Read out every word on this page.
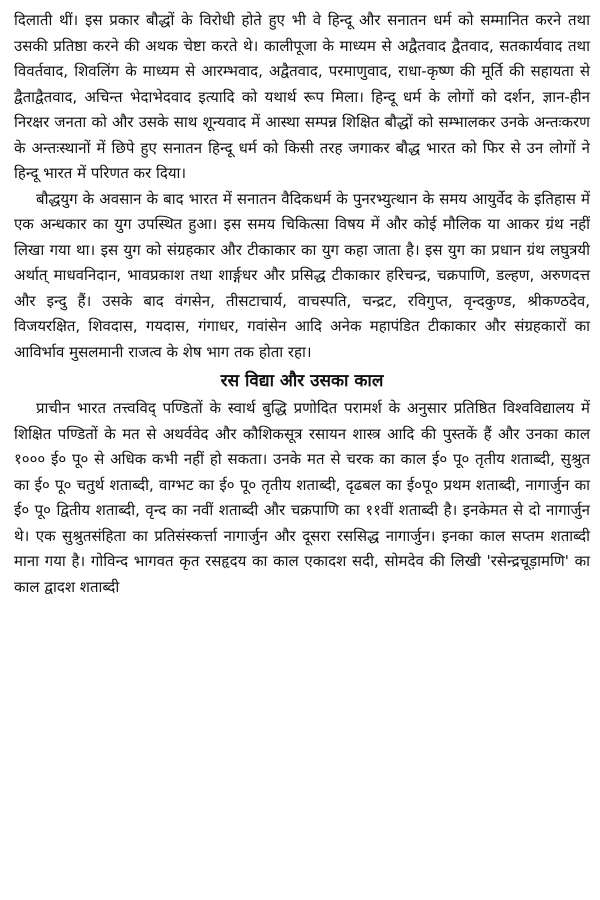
दिलाती थीं। इस प्रकार बौद्धों के विरोधी होते हुए भी वे हिन्दू और सनातन धर्म को सम्मानित करने तथा उसकी प्रतिष्ठा करने की अथक चेष्टा करते थे। कालीपूजा के माध्यम से अद्वैतवाद द्वैतवाद, सतकार्यवाद तथा विवर्तवाद, शिवलिंग के माध्यम से आरम्भवाद, अद्वैतवाद, परमाणुवाद, राधा-कृष्ण की मूर्ति की सहायता से द्वैताद्वैतवाद, अचिन्त भेदाभेदवाद इत्यादि को यथार्थ रूप मिला। हिन्दू धर्म के लोगों को दर्शन, ज्ञान-हीन निरक्षर जनता को और उसके साथ शून्यवाद में आस्था सम्पन्न शिक्षित बौद्धों को सम्भालकर उनके अन्तःकरण के अन्तःस्थानों में छिपे हुए सनातन हिन्दू धर्म को किसी तरह जगाकर बौद्ध भारत को फिर से उन लोगों ने हिन्दू भारत में परिणत कर दिया।

बौद्धयुग के अवसान के बाद भारत में सनातन वैदिकधर्म के पुनरभ्युत्थान के समय आयुर्वेद के इतिहास में एक अन्धकार का युग उपस्थित हुआ। इस समय चिकित्सा विषय में और कोई मौलिक या आकर ग्रंथ नहीं लिखा गया था। इस युग को संग्रहकार और टीकाकार का युग कहा जाता है। इस युग का प्रधान ग्रंथ लघुत्रयी अर्थात् माधवनिदान, भावप्रकाश तथा शार्ङ्गधर और प्रसिद्ध टीकाकार हरिचन्द्र, चक्रपाणि, डल्हण, अरुणदत्त और इन्दु हैं। उसके बाद वंगसेन, तीसटाचार्य, वाचस्पति, चन्द्रट, रविगुप्त, वृन्दकुण्ड, श्रीकण्ठदेव, विजयरक्षित, शिवदास, गयदास, गंगाधर, गवांसेन आदि अनेक महापंडित टीकाकार और संग्रहकारों का आविर्भाव मुसलमानी राजत्व के शेष भाग तक होता रहा।

रस विद्या और उसका काल

प्राचीन भारत तत्त्वविद् पण्डितों के स्वार्थ बुद्धि प्रणोदित परामर्श के अनुसार प्रतिष्ठित विश्वविद्यालय में शिक्षित पण्डितों के मत से अथर्ववेद और कौशिकसूत्र रसायन शास्त्र आदि की पुस्तकें हैं और उनका काल १००० ई० पू० से अधिक कभी नहीं हो सकता। उनके मत से चरक का काल ई० पू० तृतीय शताब्दी, सुश्रुत का ई० पू० चतुर्थ शताब्दी, वाग्भट का ई० पू० तृतीय शताब्दी, दृढबल का ई०पू० प्रथम शताब्दी, नागार्जुन का ई० पू० द्वितीय शताब्दी, वृन्द का नवीं शताब्दी और चक्रपाणि का ११वीं शताब्दी है। इनकेमत से दो नागार्जुन थे। एक सुश्रुतसंहिता का प्रतिसंस्कर्त्ता नागार्जुन और दूसरा रससिद्ध नागार्जुन। इनका काल सप्तम शताब्दी माना गया है। गोविन्द भागवत कृत रसहृदय का काल एकादश सदी, सोमदेव की लिखी 'रसेन्द्रचूड़ामणि' का काल द्वादश शताब्दी
